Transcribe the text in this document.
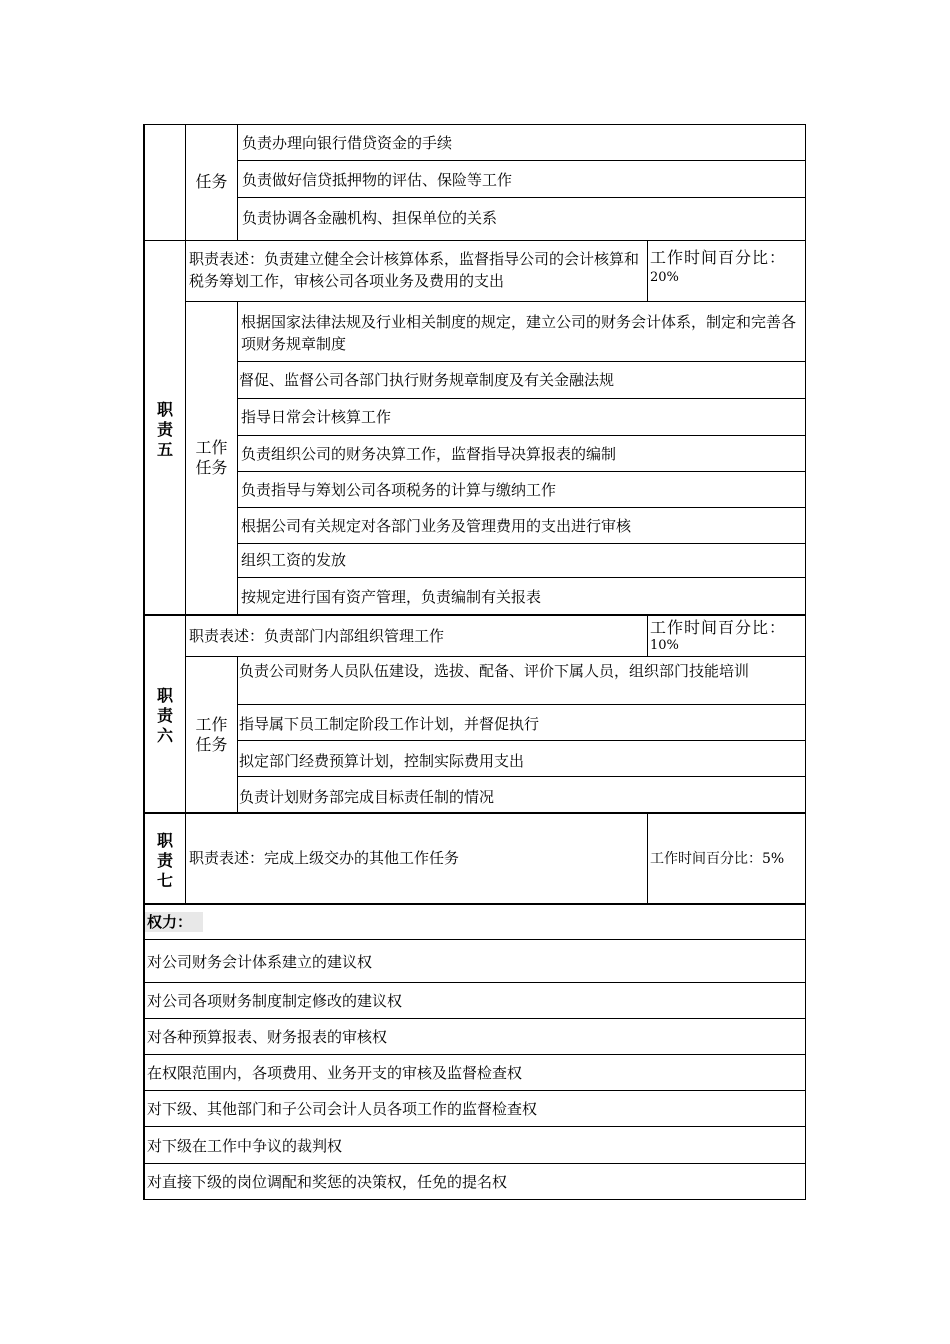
任务
负责办理向银行借贷资金的手续
负责做好信贷抵押物的评估、保险等工作
负责协调各金融机构、担保单位的关系
职
责
五
职责表述：负责建立健全会计核算体系，监督指导公司的会计核算和税务筹划工作，审核公司各项业务及费用的支出
工作时间百分比：
20%
工作
任务
根据国家法律法规及行业相关制度的规定，建立公司的财务会计体系，制定和完善各项财务规章制度
督促、监督公司各部门执行财务规章制度及有关金融法规
指导日常会计核算工作
负责组织公司的财务决算工作，监督指导决算报表的编制
负责指导与筹划公司各项税务的计算与缴纳工作
根据公司有关规定对各部门业务及管理费用的支出进行审核
组织工资的发放
按规定进行国有资产管理，负责编制有关报表
职
责
六
职责表述：负责部门内部组织管理工作	工作时间百分比：
10%
工作
任务
负责公司财务人员队伍建设，选拔、配备、评价下属人员，组织部门技能培训
指导属下员工制定阶段工作计划，并督促执行
拟定部门经费预算计划，控制实际费用支出
负责计划财务部完成目标责任制的情况
职
责
七
职责表述：完成上级交办的其他工作任务	工作时间百分比：5%
权力：
对公司财务会计体系建立的建议权
对公司各项财务制度制定修改的建议权
对各种预算报表、财务报表的审核权
在权限范围内，各项费用、业务开支的审核及监督检查权
对下级、其他部门和子公司会计人员各项工作的监督检查权
对下级在工作中争议的裁判权
对直接下级的岗位调配和奖惩的决策权，任免的提名权
